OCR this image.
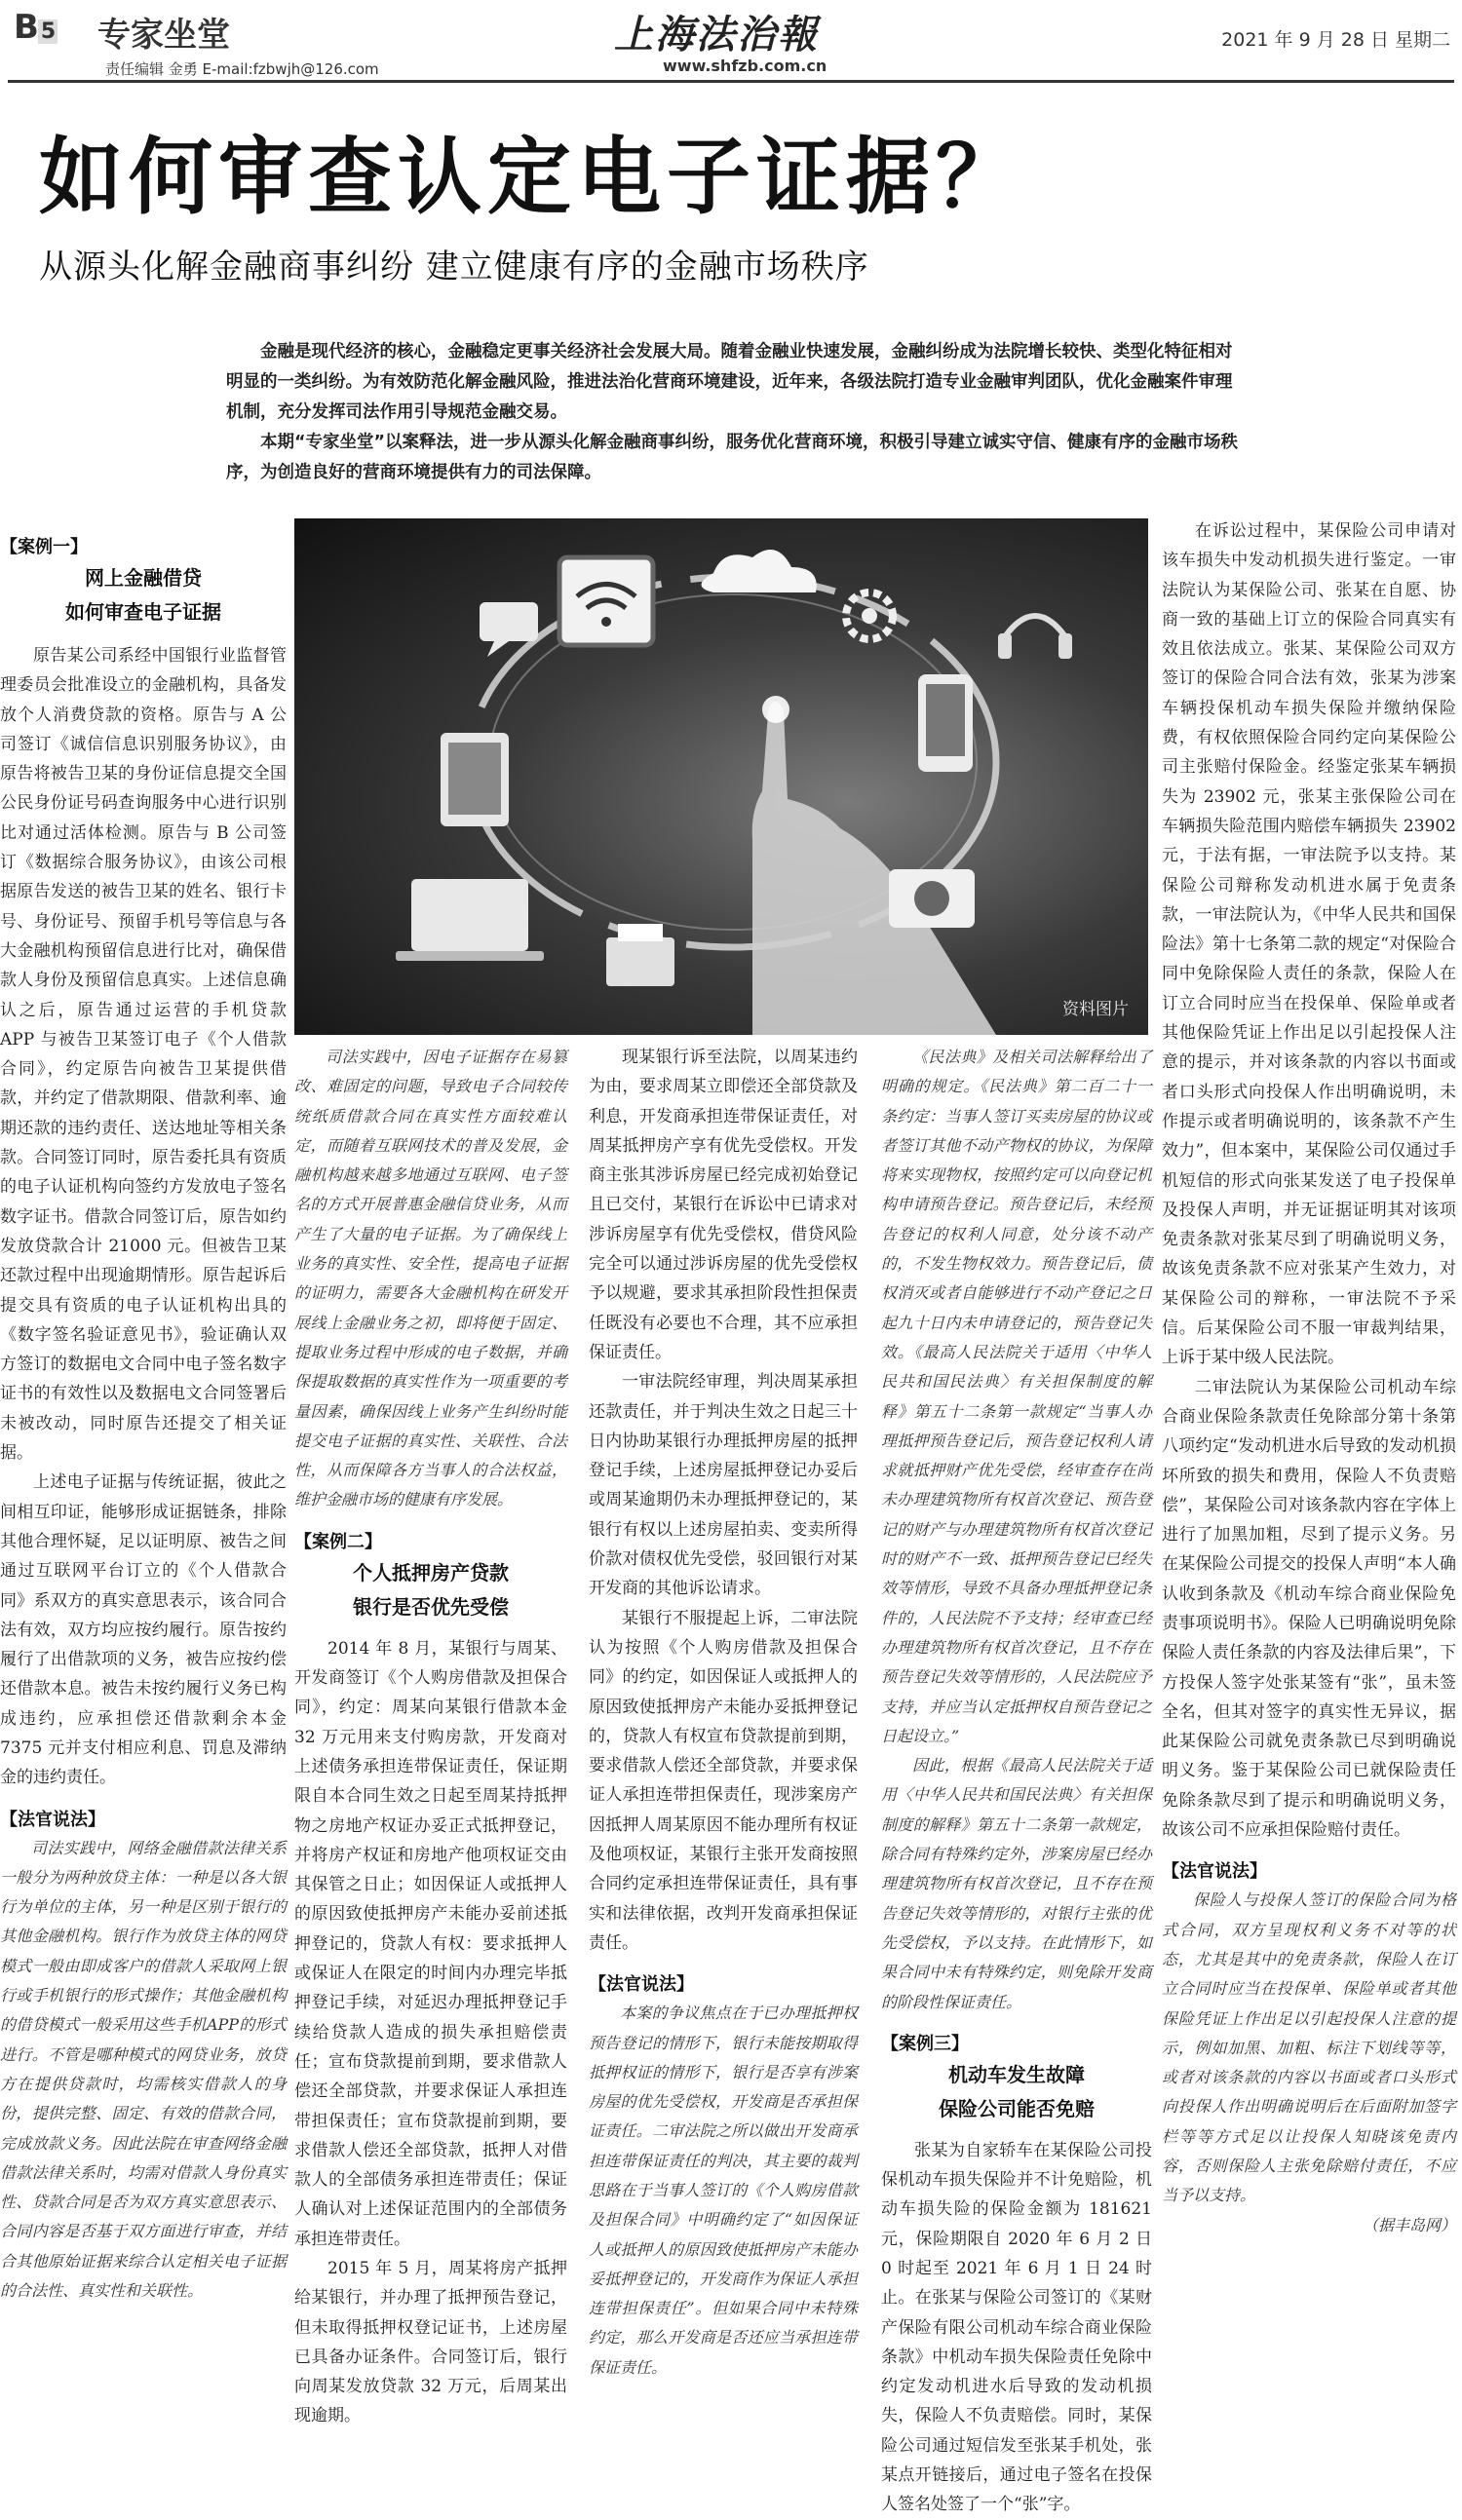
B 5 专家坐堂
责任编辑 金勇 E-mail:fzbwjh@126.com
上海法治報
www.shfzb.com.cn
2021 年 9 月 28 日 星期二
如何审查认定电子证据？
从源头化解金融商事纠纷 建立健康有序的金融市场秩序

金融是现代经济的核心，金融稳定更事关经济社会发展大局。随着金融业快速发展，金融纠纷成为法院增长较快、类型化特征相对明显的一类纠纷。为有效防范化解金融风险，推进法治化营商环境建设，近年来，各级法院打造专业金融审判团队，优化金融案件审理机制，充分发挥司法作用引导规范金融交易。

本期“专家坐堂”以案释法，进一步从源头化解金融商事纠纷，服务优化营商环境，积极引导建立诚实守信、健康有序的金融市场秩序，为创造良好的营商环境提供有力的司法保障。

资料图片
【案例一】
网上金融借贷
如何审查电子证据

原告某公司系经中国银行业监督管理委员会批准设立的金融机构，具备发放个人消费贷款的资格。原告与 A 公司签订《诚信信息识别服务协议》，由原告将被告卫某的身份证信息提交全国公民身份证号码查询服务中心进行识别比对通过活体检测。原告与 B 公司签订《数据综合服务协议》，由该公司根据原告发送的被告卫某的姓名、银行卡号、身份证号、预留手机号等信息与各大金融机构预留信息进行比对，确保借款人身份及预留信息真实。上述信息确认之后，原告通过运营的手机贷款 APP 与被告卫某签订电子《个人借款合同》，约定原告向被告卫某提供借款，并约定了借款期限、借款利率、逾期还款的违约责任、送达地址等相关条款。合同签订同时，原告委托具有资质的电子认证机构向签约方发放电子签名数字证书。借款合同签订后，原告如约发放贷款合计 21000 元。但被告卫某还款过程中出现逾期情形。原告起诉后提交具有资质的电子认证机构出具的《数字签名验证意见书》，验证确认双方签订的数据电文合同中电子签名数字证书的有效性以及数据电文合同签署后未被改动，同时原告还提交了相关证据。

上述电子证据与传统证据，彼此之间相互印证，能够形成证据链条，排除其他合理怀疑，足以证明原、被告之间通过互联网平台订立的《个人借款合同》系双方的真实意思表示，该合同合法有效，双方均应按约履行。原告按约履行了出借款项的义务，被告应按约偿还借款本息。被告未按约履行义务已构成违约，应承担偿还借款剩余本金 7375 元并支付相应利息、罚息及滞纳金的违约责任。

【法官说法】

司法实践中，网络金融借款法律关系一般分为两种放贷主体：一种是以各大银行为单位的主体，另一种是区别于银行的其他金融机构。银行作为放贷主体的网贷模式一般由即成客户的借款人采取网上银行或手机银行的形式操作；其他金融机构的借贷模式一般采用这些手机APP的形式进行。不管是哪种模式的网贷业务，放贷方在提供贷款时，均需核实借款人的身份，提供完整、固定、有效的借款合同，完成放款义务。因此法院在审查网络金融借款法律关系时，均需对借款人身份真实性、贷款合同是否为双方真实意思表示、合同内容是否基于双方面进行审查，并结合其他原始证据来综合认定相关电子证据的合法性、真实性和关联性。

司法实践中，因电子证据存在易篡改、难固定的问题，导致电子合同较传统纸质借款合同在真实性方面较难认定，而随着互联网技术的普及发展，金融机构越来越多地通过互联网、电子签名的方式开展普惠金融信贷业务，从而产生了大量的电子证据。为了确保线上业务的真实性、安全性，提高电子证据的证明力，需要各大金融机构在研发开展线上金融业务之初，即将便于固定、提取业务过程中形成的电子数据，并确保提取数据的真实性作为一项重要的考量因素，确保因线上业务产生纠纷时能提交电子证据的真实性、关联性、合法性，从而保障各方当事人的合法权益，维护金融市场的健康有序发展。

【案例二】
个人抵押房产贷款
银行是否优先受偿

2014 年 8 月，某银行与周某、开发商签订《个人购房借款及担保合同》，约定：周某向某银行借款本金 32 万元用来支付购房款，开发商对上述债务承担连带保证责任，保证期限自本合同生效之日起至周某持抵押物之房地产权证办妥正式抵押登记，并将房产权证和房地产他项权证交由其保管之日止；如因保证人或抵押人的原因致使抵押房产未能办妥前述抵押登记的，贷款人有权：要求抵押人或保证人在限定的时间内办理完毕抵押登记手续，对延迟办理抵押登记手续给贷款人造成的损失承担赔偿责任；宣布贷款提前到期，要求借款人偿还全部贷款，并要求保证人承担连带担保责任；宣布贷款提前到期，要求借款人偿还全部贷款，抵押人对借款人的全部债务承担连带责任；保证人确认对上述保证范围内的全部债务承担连带责任。

2015 年 5 月，周某将房产抵押给某银行，并办理了抵押预告登记，但未取得抵押权登记证书，上述房屋已具备办证条件。合同签订后，银行向周某发放贷款 32 万元，后周某出现逾期。

现某银行诉至法院，以周某违约为由，要求周某立即偿还全部贷款及利息，开发商承担连带保证责任，对周某抵押房产享有优先受偿权。开发商主张其涉诉房屋已经完成初始登记且已交付，某银行在诉讼中已请求对涉诉房屋享有优先受偿权，借贷风险完全可以通过涉诉房屋的优先受偿权予以规避，要求其承担阶段性担保责任既没有必要也不合理，其不应承担保证责任。

一审法院经审理，判决周某承担还款责任，并于判决生效之日起三十日内协助某银行办理抵押房屋的抵押登记手续，上述房屋抵押登记办妥后或周某逾期仍未办理抵押登记的，某银行有权以上述房屋拍卖、变卖所得价款对债权优先受偿，驳回银行对某开发商的其他诉讼请求。

某银行不服提起上诉，二审法院认为按照《个人购房借款及担保合同》的约定，如因保证人或抵押人的原因致使抵押房产未能办妥抵押登记的，贷款人有权宣布贷款提前到期，要求借款人偿还全部贷款，并要求保证人承担连带担保责任，现涉案房产因抵押人周某原因不能办理所有权证及他项权证，某银行主张开发商按照合同约定承担连带保证责任，具有事实和法律依据，改判开发商承担保证责任。

【法官说法】

本案的争议焦点在于已办理抵押权预告登记的情形下，银行未能按期取得抵押权证的情形下，银行是否享有涉案房屋的优先受偿权，开发商是否承担保证责任。二审法院之所以做出开发商承担连带保证责任的判决，其主要的裁判思路在于当事人签订的《个人购房借款及担保合同》中明确约定了“如因保证人或抵押人的原因致使抵押房产未能办妥抵押登记的，开发商作为保证人承担连带担保责任”。但如果合同中未特殊约定，那么开发商是否还应当承担连带保证责任。

《民法典》及相关司法解释给出了明确的规定。《民法典》第二百二十一条约定：当事人签订买卖房屋的协议或者签订其他不动产物权的协议，为保障将来实现物权，按照约定可以向登记机构申请预告登记。预告登记后，未经预告登记的权利人同意，处分该不动产的，不发生物权效力。预告登记后，债权消灭或者自能够进行不动产登记之日起九十日内未申请登记的，预告登记失效。《最高人民法院关于适用〈中华人民共和国民法典〉有关担保制度的解释》第五十二条第一款规定“当事人办理抵押预告登记后，预告登记权利人请求就抵押财产优先受偿，经审查存在尚未办理建筑物所有权首次登记、预告登记的财产与办理建筑物所有权首次登记时的财产不一致、抵押预告登记已经失效等情形，导致不具备办理抵押登记条件的，人民法院不予支持；经审查已经办理建筑物所有权首次登记，且不存在预告登记失效等情形的，人民法院应予支持，并应当认定抵押权自预告登记之日起设立。”

因此，根据《最高人民法院关于适用〈中华人民共和国民法典〉有关担保制度的解释》第五十二条第一款规定，除合同有特殊约定外，涉案房屋已经办理建筑物所有权首次登记，且不存在预告登记失效等情形的，对银行主张的优先受偿权，予以支持。在此情形下，如果合同中未有特殊约定，则免除开发商的阶段性保证责任。

【案例三】
机动车发生故障
保险公司能否免赔

张某为自家轿车在某保险公司投保机动车损失保险并不计免赔险，机动车损失险的保险金额为 181621 元，保险期限自 2020 年 6 月 2 日 0 时起至 2021 年 6 月 1 日 24 时止。在张某与保险公司签订的《某财产保险有限公司机动车综合商业保险条款》中机动车损失保险责任免除中约定发动机进水后导致的发动机损失，保险人不负责赔偿。同时，某保险公司通过短信发至张某手机处，张某点开链接后，通过电子签名在投保人签名处签了一个“张”字。

在诉讼过程中，某保险公司申请对该车损失中发动机损失进行鉴定。一审法院认为某保险公司、张某在自愿、协商一致的基础上订立的保险合同真实有效且依法成立。张某、某保险公司双方签订的保险合同合法有效，张某为涉案车辆投保机动车损失保险并缴纳保险费，有权依照保险合同约定向某保险公司主张赔付保险金。经鉴定张某车辆损失为 23902 元，张某主张保险公司在车辆损失险范围内赔偿车辆损失 23902 元，于法有据，一审法院予以支持。某保险公司辩称发动机进水属于免责条款，一审法院认为，《中华人民共和国保险法》第十七条第二款的规定“对保险合同中免除保险人责任的条款，保险人在订立合同时应当在投保单、保险单或者其他保险凭证上作出足以引起投保人注意的提示，并对该条款的内容以书面或者口头形式向投保人作出明确说明，未作提示或者明确说明的，该条款不产生效力”，但本案中，某保险公司仅通过手机短信的形式向张某发送了电子投保单及投保人声明，并无证据证明其对该项免责条款对张某尽到了明确说明义务，故该免责条款不应对张某产生效力，对某保险公司的辩称，一审法院不予采信。后某保险公司不服一审裁判结果，上诉于某中级人民法院。

二审法院认为某保险公司机动车综合商业保险条款责任免除部分第十条第八项约定“发动机进水后导致的发动机损坏所致的损失和费用，保险人不负责赔偿”，某保险公司对该条款内容在字体上进行了加黑加粗，尽到了提示义务。另在某保险公司提交的投保人声明“本人确认收到条款及《机动车综合商业保险免责事项说明书》。保险人已明确说明免除保险人责任条款的内容及法律后果”，下方投保人签字处张某签有“张”，虽未签全名，但其对签字的真实性无异议，据此某保险公司就免责条款已尽到明确说明义务。鉴于某保险公司已就保险责任免除条款尽到了提示和明确说明义务，故该公司不应承担保险赔付责任。

【法官说法】

保险人与投保人签订的保险合同为格式合同，双方呈现权利义务不对等的状态，尤其是其中的免责条款，保险人在订立合同时应当在投保单、保险单或者其他保险凭证上作出足以引起投保人注意的提示，例如加黑、加粗、标注下划线等等，或者对该条款的内容以书面或者口头形式向投保人作出明确说明后在后面附加签字栏等等方式足以让投保人知晓该免责内容，否则保险人主张免除赔付责任，不应当予以支持。

（据丰岛网）
